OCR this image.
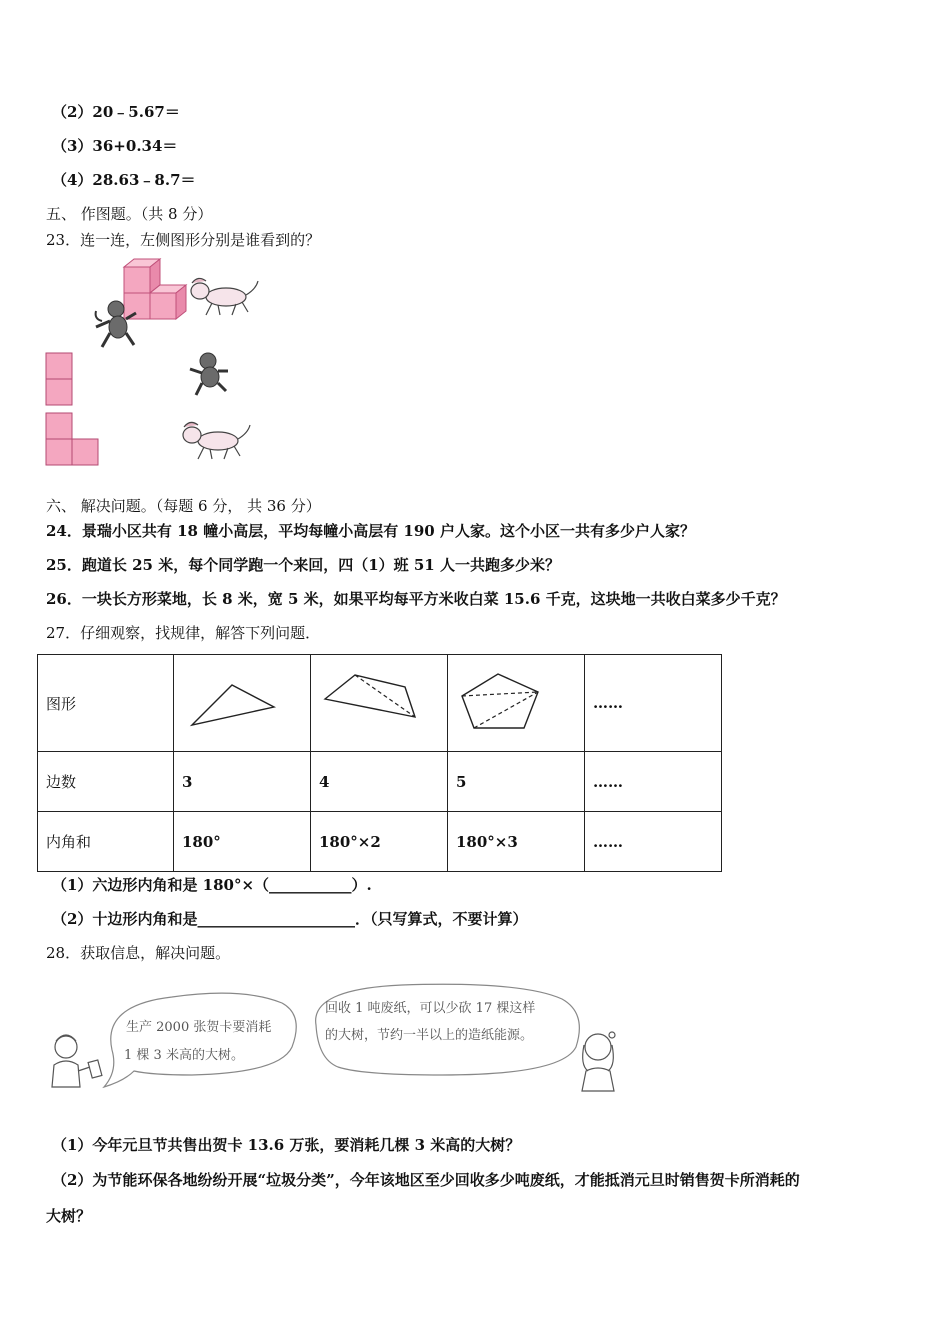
（2）20﹣5.67＝
（3）36+0.34＝
（4）28.63﹣8.7＝
五、 作图题。（共 8 分）
23．连一连，左侧图形分别是谁看到的？
六、 解决问题。（每题 6 分， 共 36 分）
24．景瑞小区共有 18 幢小高层，平均每幢小高层有 190 户人家。这个小区一共有多少户人家？
25．跑道长 25 米，每个同学跑一个来回，四（1）班 51 人一共跑多少米？
26．一块长方形菜地，长 8 米，宽 5 米，如果平均每平方米收白菜 15.6 千克，这块地一共收白菜多少千克？
27．仔细观察，找规律，解答下列问题．
图形				……
边数	3	4	5	……
内角和	180°	180°×2	180°×3	……
（1）六边形内角和是 180°×（___________）.
（2）十边形内角和是_____________________．（只写算式，不要计算）
28．获取信息，解决问题。
生产 2000 张贺卡要消耗
1 棵 3 米高的大树。
回收 1 吨废纸，可以少砍 17 棵这样
的大树，节约一半以上的造纸能源。
（1）今年元旦节共售出贺卡 13.6 万张，要消耗几棵 3 米高的大树？
（2）为节能环保各地纷纷开展“垃圾分类”，今年该地区至少回收多少吨废纸，才能抵消元旦时销售贺卡所消耗的
大树？
